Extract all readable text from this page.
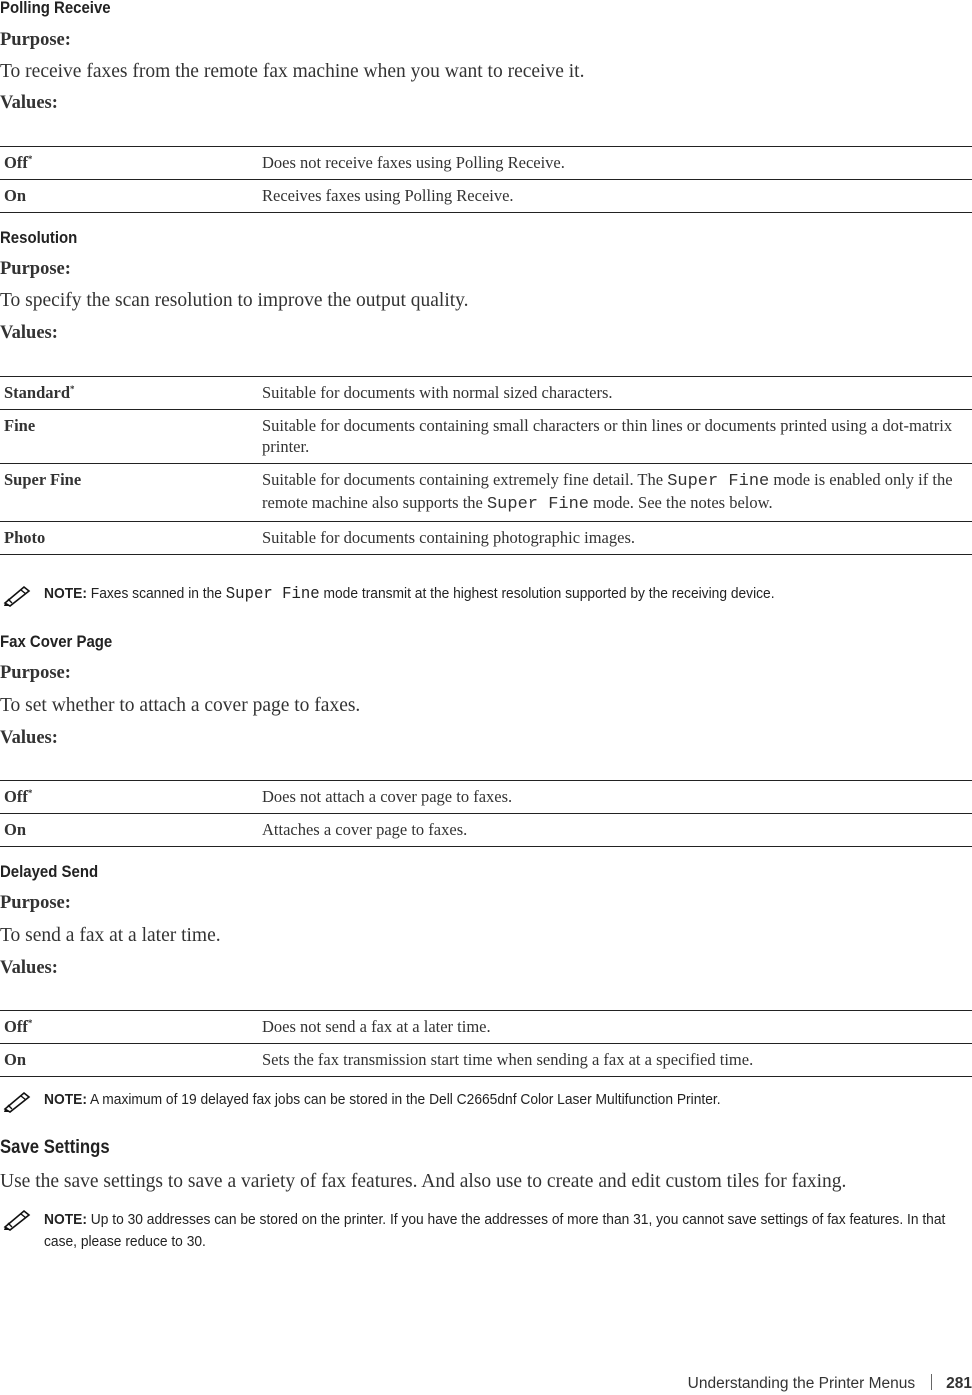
Polling Receive
Purpose:
To receive faxes from the remote fax machine when you want to receive it.
Values:
Off*	Does not receive faxes using Polling Receive.
On	Receives faxes using Polling Receive.
Resolution
Purpose:
To specify the scan resolution to improve the output quality.
Values:
Standard*	Suitable for documents with normal sized characters.
Fine	Suitable for documents containing small characters or thin lines or documents printed using a dot-matrix printer.
Super Fine	Suitable for documents containing extremely fine detail. The Super Fine mode is enabled only if the remote machine also supports the Super Fine mode. See the notes below.
Photo	Suitable for documents containing photographic images.
NOTE: Faxes scanned in the Super Fine mode transmit at the highest resolution supported by the receiving device.
Fax Cover Page
Purpose:
To set whether to attach a cover page to faxes.
Values:
Off*	Does not attach a cover page to faxes.
On	Attaches a cover page to faxes.
Delayed Send
Purpose:
To send a fax at a later time.
Values:
Off*	Does not send a fax at a later time.
On	Sets the fax transmission start time when sending a fax at a specified time.
NOTE: A maximum of 19 delayed fax jobs can be stored in the Dell C2665dnf Color Laser Multifunction Printer.
Save Settings
Use the save settings to save a variety of fax features. And also use to create and edit custom tiles for faxing.
NOTE: Up to 30 addresses can be stored on the printer. If you have the addresses of more than 31, you cannot save settings of fax features. In that case, please reduce to 30.
Understanding the Printer Menus 281
